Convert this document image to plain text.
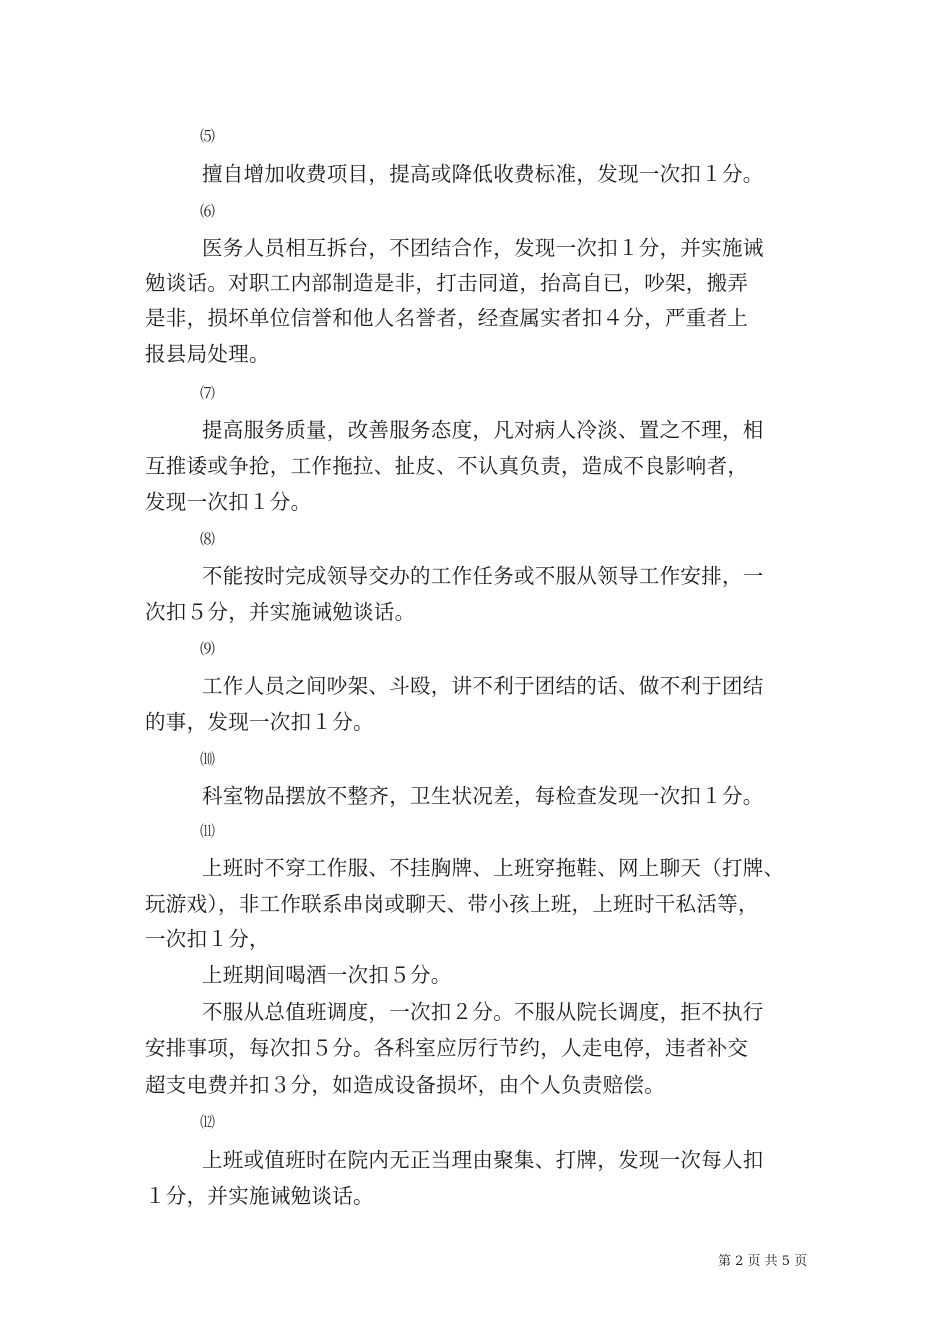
⑸
擅自增加收费项目，提高或降低收费标准，发现一次扣１分。
⑹
医务人员相互拆台，不团结合作，发现一次扣１分，并实施诫
勉谈话。对职工内部制造是非，打击同道，抬高自已，吵架，搬弄
是非，损坏单位信誉和他人名誉者，经查属实者扣４分，严重者上
报县局处理。
⑺
提高服务质量，改善服务态度，凡对病人冷淡、置之不理，相
互推诿或争抢，工作拖拉、扯皮、不认真负责，造成不良影响者，
发现一次扣１分。
⑻
不能按时完成领导交办的工作任务或不服从领导工作安排，一
次扣５分，并实施诫勉谈话。
⑼
工作人员之间吵架、斗殴，讲不利于团结的话、做不利于团结
的事，发现一次扣１分。
⑽
科室物品摆放不整齐，卫生状况差，每检查发现一次扣１分。
⑾
上班时不穿工作服、不挂胸牌、上班穿拖鞋、网上聊天（打牌、
玩游戏），非工作联系串岗或聊天、带小孩上班，上班时干私活等，
一次扣１分，
上班期间喝酒一次扣５分。
不服从总值班调度，一次扣２分。不服从院长调度，拒不执行
安排事项，每次扣５分。各科室应厉行节约，人走电停，违者补交
超支电费并扣３分，如造成设备损坏，由个人负责赔偿。
⑿
上班或值班时在院内无正当理由聚集、打牌，发现一次每人扣
１分，并实施诫勉谈话。
第 2 页 共 5 页
